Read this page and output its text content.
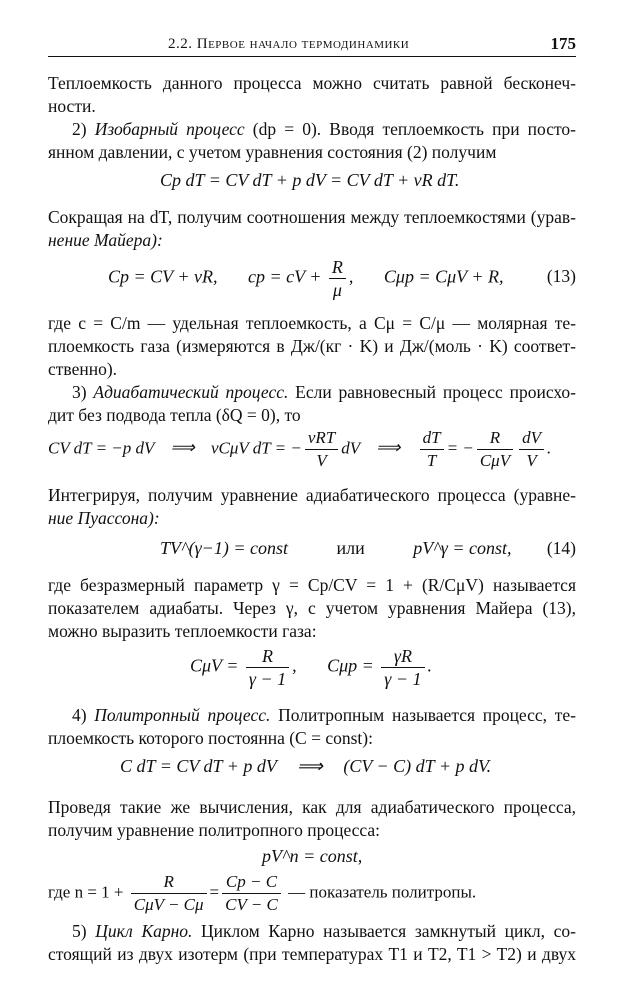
2.2. Первое начало термодинамики	175
Теплоемкость данного процесса можно считать равной бесконеч-
ности.
2) Изобарный процесс (dp = 0). Вводя теплоемкость при посто-
янном давлении, с учетом уравнения состояния (2) получим
Cp dT = CV dT + p dV = CV dT + νR dT.
Сокращая на dT, получим соотношения между теплоемкостями (урав-
нение Майера):
Cp = CV + νR, cp = cV + $\frac{R}{\mu}$ , Cμp = CμV + R, (13)
где c = C/m — удельная теплоемкость, а Cμ = C/μ — молярная те-
плоемкость газа (измеряются в Дж/(кг · K) и Дж/(моль · K) соответ-
ственно).
3) Адиабатический процесс. Если равновесный процесс происхо-
дит без подвода тепла (δQ = 0), то
CV dT = −p dV ⟹ νCμV dT = − $\frac{\text{νRT}}{V}$ dV ⟹ $\frac{dT}{T}$ = − $\frac{R}{\text{CμV}} \frac{dV}{V}$ .
Интегрируя, получим уравнение адиабатического процесса (уравне-
ние Пуассона):
TV^(γ−1) = const	или	pV^γ = const, (14)
где безразмерный параметр γ = Cp/CV = 1 + (R/CμV) называется
показателем адиабаты. Через γ, с учетом уравнения Майера (13),
можно выразить теплоемкости газа:
$C\mu V = \frac{R}{\gamma - 1}$ , $C\mu p = \frac{\gamma R}{\gamma - 1}$ .
4) Политропный процесс. Политропным называется процесс, те-
плоемкость которого постоянна (C = const):
C dT = CV dT + p dV ⟹ (CV − C) dT + p dV.
Проведя такие же вычисления, как для адиабатического процесса,
получим уравнение политропного процесса:
pV^n = const,
где $n = 1 + \frac{R}{\text{CμV − Cμ}} = \frac{Cp - C}{CV - C}$ — показатель политропы.
5) Цикл Карно. Циклом Карно называется замкнутый цикл, со-
стоящий из двух изотерм (при температурах T1 и T2, T1 > T2) и двух
